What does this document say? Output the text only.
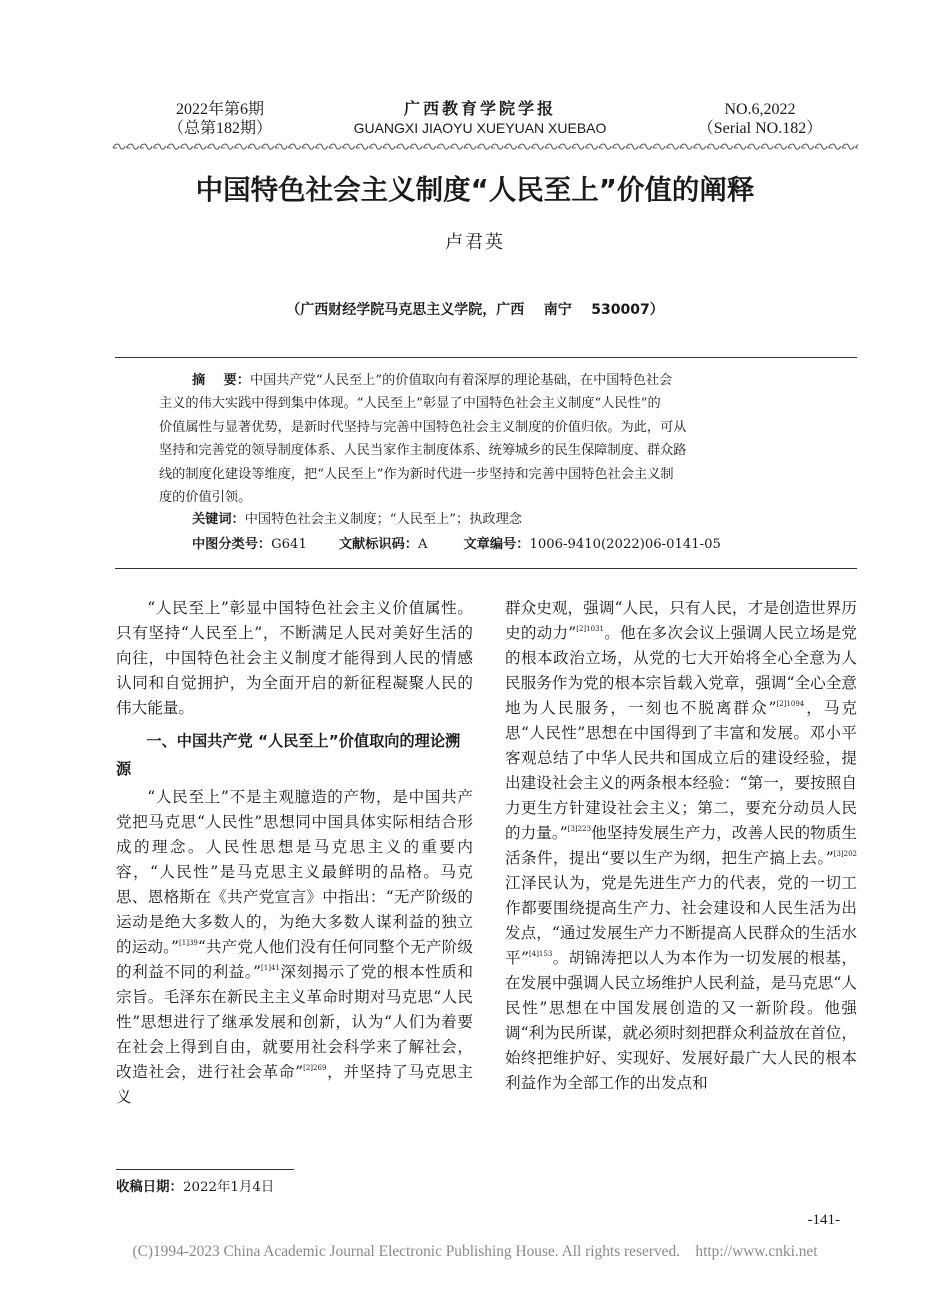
2022年第6期
（总第182期）
广西教育学院学报
GUANGXI JIAOYU XUEYUAN XUEBAO
NO.6,2022
（Serial NO.182）
中国特色社会主义制度“人民至上”价值的阐释
卢君英
（广西财经学院马克思主义学院，广西    南宁    530007）
摘    要：中国共产党“人民至上”的价值取向有着深厚的理论基础，在中国特色社会
主义的伟大实践中得到集中体现。“人民至上”彰显了中国特色社会主义制度“人民性”的
价值属性与显著优势，是新时代坚持与完善中国特色社会主义制度的价值归依。为此，可从
坚持和完善党的领导制度体系、人民当家作主制度体系、统筹城乡的民生保障制度、群众路
线的制度化建设等维度，把“人民至上”作为新时代进一步坚持和完善中国特色社会主义制
度的价值引领。
关键词：中国特色社会主义制度；“人民至上”；执政理念
中图分类号：G641 文献标识码：A	文章编号：1006-9410(2022)06-0141-05

“人民至上”彰显中国特色社会主义价值属性。只有坚持“人民至上”，不断满足人民对美好生活的向往，中国特色社会主义制度才能得到人民的情感认同和自觉拥护，为全面开启的新征程凝聚人民的伟大能量。

一、中国共产党 “人民至上”价值取向的理论溯源

“人民至上”不是主观臆造的产物，是中国共产党把马克思“人民性”思想同中国具体实际相结合形成的理念。人民性思想是马克思主义的重要内容，“人民性”是马克思主义最鲜明的品格。马克思、恩格斯在《共产党宣言》中指出：“无产阶级的运动是绝大多数人的，为绝大多数人谋利益的独立的运动。”$^{[1]39}$“共产党人他们没有任何同整个无产阶级的利益不同的利益。”$^{[1]41}$深刻揭示了党的根本性质和宗旨。毛泽东在新民主主义革命时期对马克思“人民性”思想进行了继承发展和创新，认为“人们为着要在社会上得到自由，就要用社会科学来了解社会，改造社会，进行社会革命”$^{[2]269}$，并坚持了马克思主义

群众史观，强调“人民，只有人民，才是创造世界历史的动力”$^{[2]1031}$。他在多次会议上强调人民立场是党的根本政治立场，从党的七大开始将全心全意为人民服务作为党的根本宗旨载入党章，强调“全心全意地为人民服务，一刻也不脱离群众”$^{[2]1094}$，马克思“人民性”思想在中国得到了丰富和发展。邓小平客观总结了中华人民共和国成立后的建设经验，提出建设社会主义的两条根本经验：“第一，要按照自力更生方针建设社会主义；第二，要充分动员人民的力量。”$^{[3]223}$他坚持发展生产力，改善人民的物质生活条件，提出“要以生产为纲，把生产搞上去。”$^{[3]202}$江泽民认为，党是先进生产力的代表，党的一切工作都要围绕提高生产力、社会建设和人民生活为出发点，“通过发展生产力不断提高人民群众的生活水平”$^{[4]153}$。胡锦涛把以人为本作为一切发展的根基，在发展中强调人民立场维护人民利益，是马克思“人民性”思想在中国发展创造的又一新阶段。他强调“利为民所谋，就必须时刻把群众利益放在首位，始终把维护好、实现好、发展好最广大人民的根本利益作为全部工作的出发点和

收稿日期：2022年1月4日
-141-
(C)1994-2023 China Academic Journal Electronic Publishing House. All rights reserved.    http://www.cnki.net
